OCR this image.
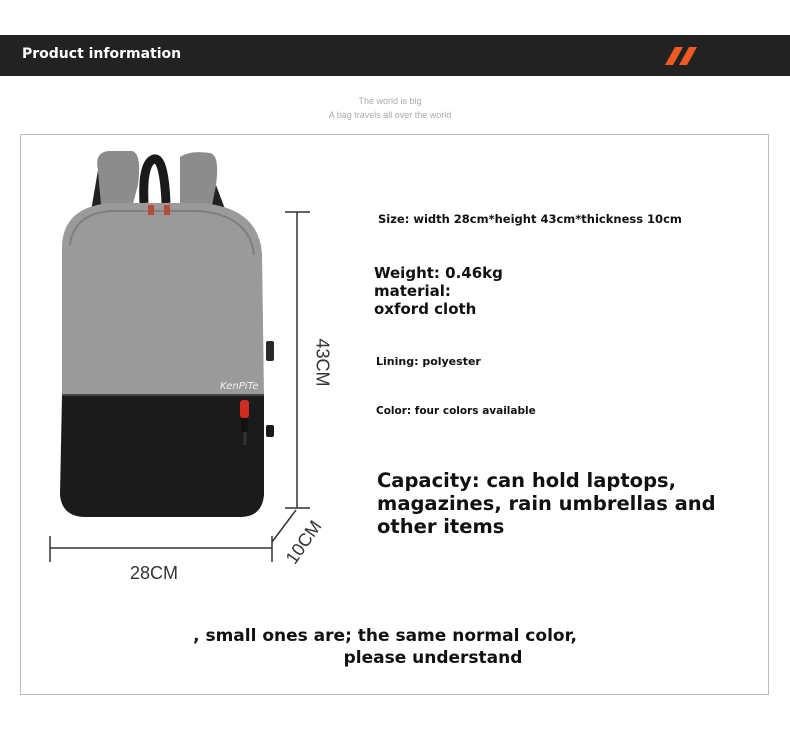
Product information
The world is big
A bag travels all over the world
KenPiTe
28CM
43CM
10CM
Size: width 28cm*height 43cm*thickness 10cm
Weight: 0.46kg
material:
oxford cloth
Lining: polyester
Color: four colors available
Capacity: can hold laptops,
magazines, rain umbrellas and
other items
, small ones are; the same normal color,
please understand
